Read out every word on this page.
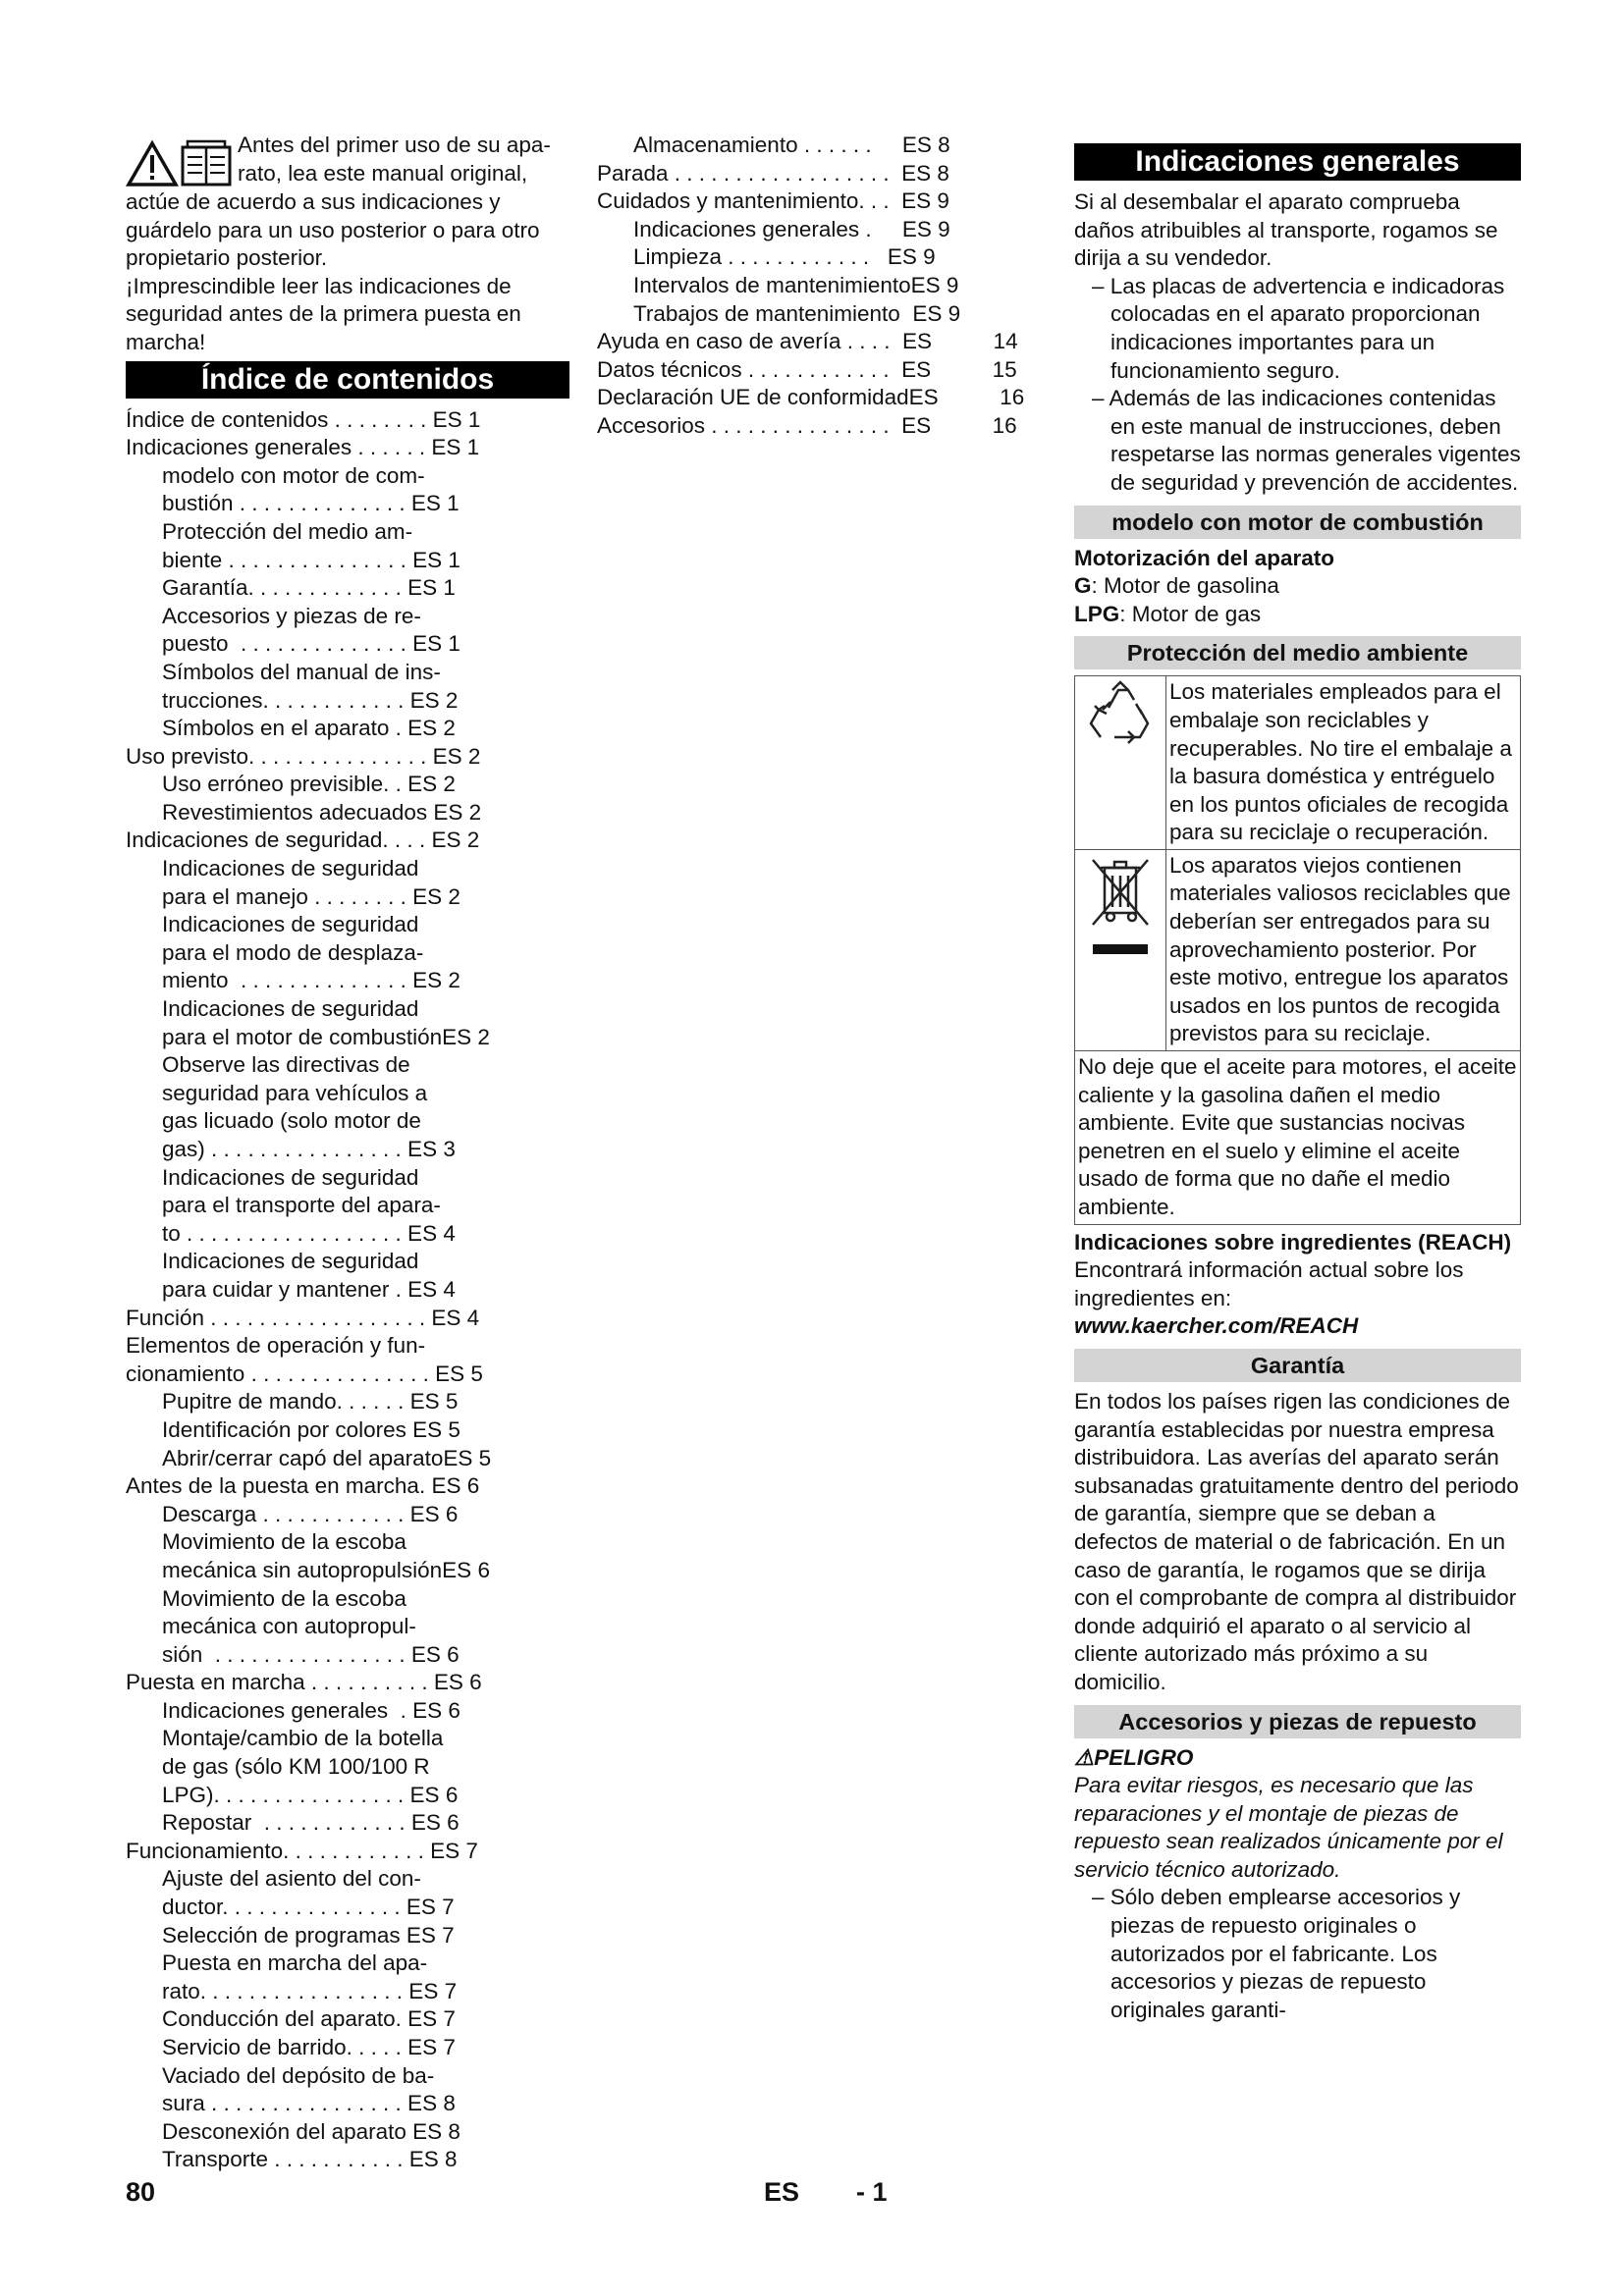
Antes del primer uso de su apa-

rato, lea este manual original,

actúe de acuerdo a sus indicaciones y guárdelo para un uso posterior o para otro propietario posterior.

¡Imprescindible leer las indicaciones de seguridad antes de la primera puesta en marcha!

Índice de contenidos
Índice de contenidos . . . . . . . . ES 1
Indicaciones generales . . . . . . ES 1
modelo con motor de com-
bustión . . . . . . . . . . . . . . ES 1
Protección del medio am-
biente . . . . . . . . . . . . . . . ES 1
Garantía. . . . . . . . . . . . . ES 1
Accesorios y piezas de re-
puesto  . . . . . . . . . . . . . . ES 1
Símbolos del manual de ins-
trucciones. . . . . . . . . . . . ES 2
Símbolos en el aparato . ES 2
Uso previsto. . . . . . . . . . . . . . . ES 2
Uso erróneo previsible. . ES 2
Revestimientos adecuados ES 2
Indicaciones de seguridad. . . . ES 2
Indicaciones de seguridad
para el manejo . . . . . . . . ES 2
Indicaciones de seguridad
para el modo de desplaza-
miento  . . . . . . . . . . . . . . ES 2
Indicaciones de seguridad
para el motor de combustiónES 2
Observe las directivas de
seguridad para vehículos a
gas licuado (solo motor de
gas) . . . . . . . . . . . . . . . . ES 3
Indicaciones de seguridad
para el transporte del apara-
to . . . . . . . . . . . . . . . . . . ES 4
Indicaciones de seguridad
para cuidar y mantener . ES 4
Función . . . . . . . . . . . . . . . . . . ES 4
Elementos de operación y fun-
cionamiento . . . . . . . . . . . . . . . ES 5
Pupitre de mando. . . . . . ES 5
Identificación por colores ES 5
Abrir/cerrar capó del aparatoES 5
Antes de la puesta en marcha. ES 6
Descarga . . . . . . . . . . . . ES 6
Movimiento de la escoba
mecánica sin autopropulsiónES 6
Movimiento de la escoba
mecánica con autopropul-
sión  . . . . . . . . . . . . . . . . ES 6
Puesta en marcha . . . . . . . . . . ES 6
Indicaciones generales  . ES 6
Montaje/cambio de la botella
de gas (sólo KM 100/100 R
LPG). . . . . . . . . . . . . . . . ES 6
Repostar  . . . . . . . . . . . . ES 6
Funcionamiento. . . . . . . . . . . . ES 7
Ajuste del asiento del con-
ductor. . . . . . . . . . . . . . . ES 7
Selección de programas ES 7
Puesta en marcha del apa-
rato. . . . . . . . . . . . . . . . . ES 7
Conducción del aparato. ES 7
Servicio de barrido. . . . . ES 7
Vaciado del depósito de ba-
sura . . . . . . . . . . . . . . . . ES 8
Desconexión del aparato ES 8
Transporte . . . . . . . . . . . ES 8
Almacenamiento . . . . . .     ES 8
Parada . . . . . . . . . . . . . . . . . .  ES 8
Cuidados y mantenimiento. . .  ES 9
Indicaciones generales .     ES 9
Limpieza . . . . . . . . . . . .   ES 9
Intervalos de mantenimientoES 9
Trabajos de mantenimiento  ES 9
Ayuda en caso de avería . . . .  ES          14
Datos técnicos . . . . . . . . . . . .  ES          15
Declaración UE de conformidadES          16
Accesorios . . . . . . . . . . . . . . .  ES          16
Indicaciones generales

Si al desembalar el aparato comprueba daños atribuibles al transporte, rogamos se dirija a su vendedor.

– Las placas de advertencia e indicadoras colocadas en el aparato proporcionan indicaciones importantes para un funcionamiento seguro.

– Además de las indicaciones contenidas en este manual de instrucciones, deben respetarse las normas generales vigentes de seguridad y prevención de accidentes.

modelo con motor de combustión

Motorización del aparato

G: Motor de gasolina

LPG: Motor de gas

Protección del medio ambiente
	Los materiales empleados para el embalaje son reciclables y recuperables. No tire el embalaje a la basura doméstica y entréguelo en los puntos oficiales de recogida para su reciclaje o recuperación.
	Los aparatos viejos contienen materiales valiosos reciclables que deberían ser entregados para su aprovechamiento posterior. Por este motivo, entregue los aparatos usados en los puntos de recogida previstos para su reciclaje.
No deje que el aceite para motores, el aceite caliente y la gasolina dañen el medio ambiente. Evite que sustancias nocivas penetren en el suelo y elimine el aceite usado de forma que no dañe el medio ambiente.	

Indicaciones sobre ingredientes (REACH)

Encontrará información actual sobre los ingredientes en:

www.kaercher.com/REACH

Garantía

En todos los países rigen las condiciones de garantía establecidas por nuestra empresa distribuidora. Las averías del aparato serán subsanadas gratuitamente dentro del periodo de garantía, siempre que se deban a defectos de material o de fabricación. En un caso de garantía, le rogamos que se dirija con el comprobante de compra al distribuidor donde adquirió el aparato o al servicio al cliente autorizado más próximo a su domicilio.

Accesorios y piezas de repuesto

⚠PELIGRO

Para evitar riesgos, es necesario que las reparaciones y el montaje de piezas de repuesto sean realizados únicamente por el servicio técnico autorizado.

– Sólo deben emplearse accesorios y piezas de repuesto originales o autorizados por el fabricante. Los accesorios y piezas de repuesto originales garanti-

80	ES - 1
